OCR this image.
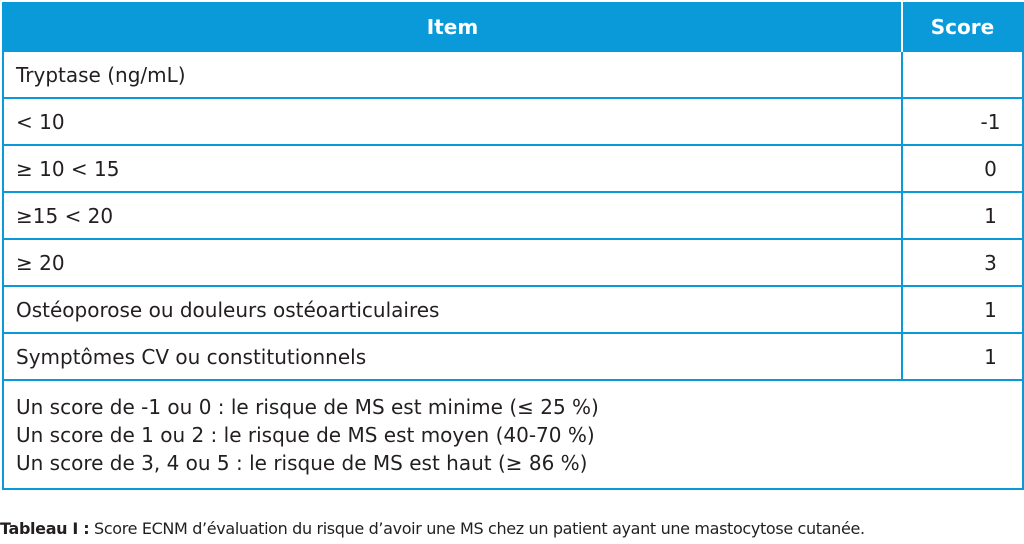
Item	Score
Tryptase (ng/mL)	
< 10	-1
≥ 10 < 15	0
≥15 < 20	1
≥ 20	3
Ostéoporose ou douleurs ostéoarticulaires	1
Symptômes CV ou constitutionnels	1

Un score de -1 ou 0 : le risque de MS est minime (≤ 25 %)
Un score de 1 ou 2 : le risque de MS est moyen (40-70 %)
Un score de 3, 4 ou 5 : le risque de MS est haut (≥ 86 %)	
Tableau I : Score ECNM d’évaluation du risque d’avoir une MS chez un patient ayant une mastocytose cutanée.
